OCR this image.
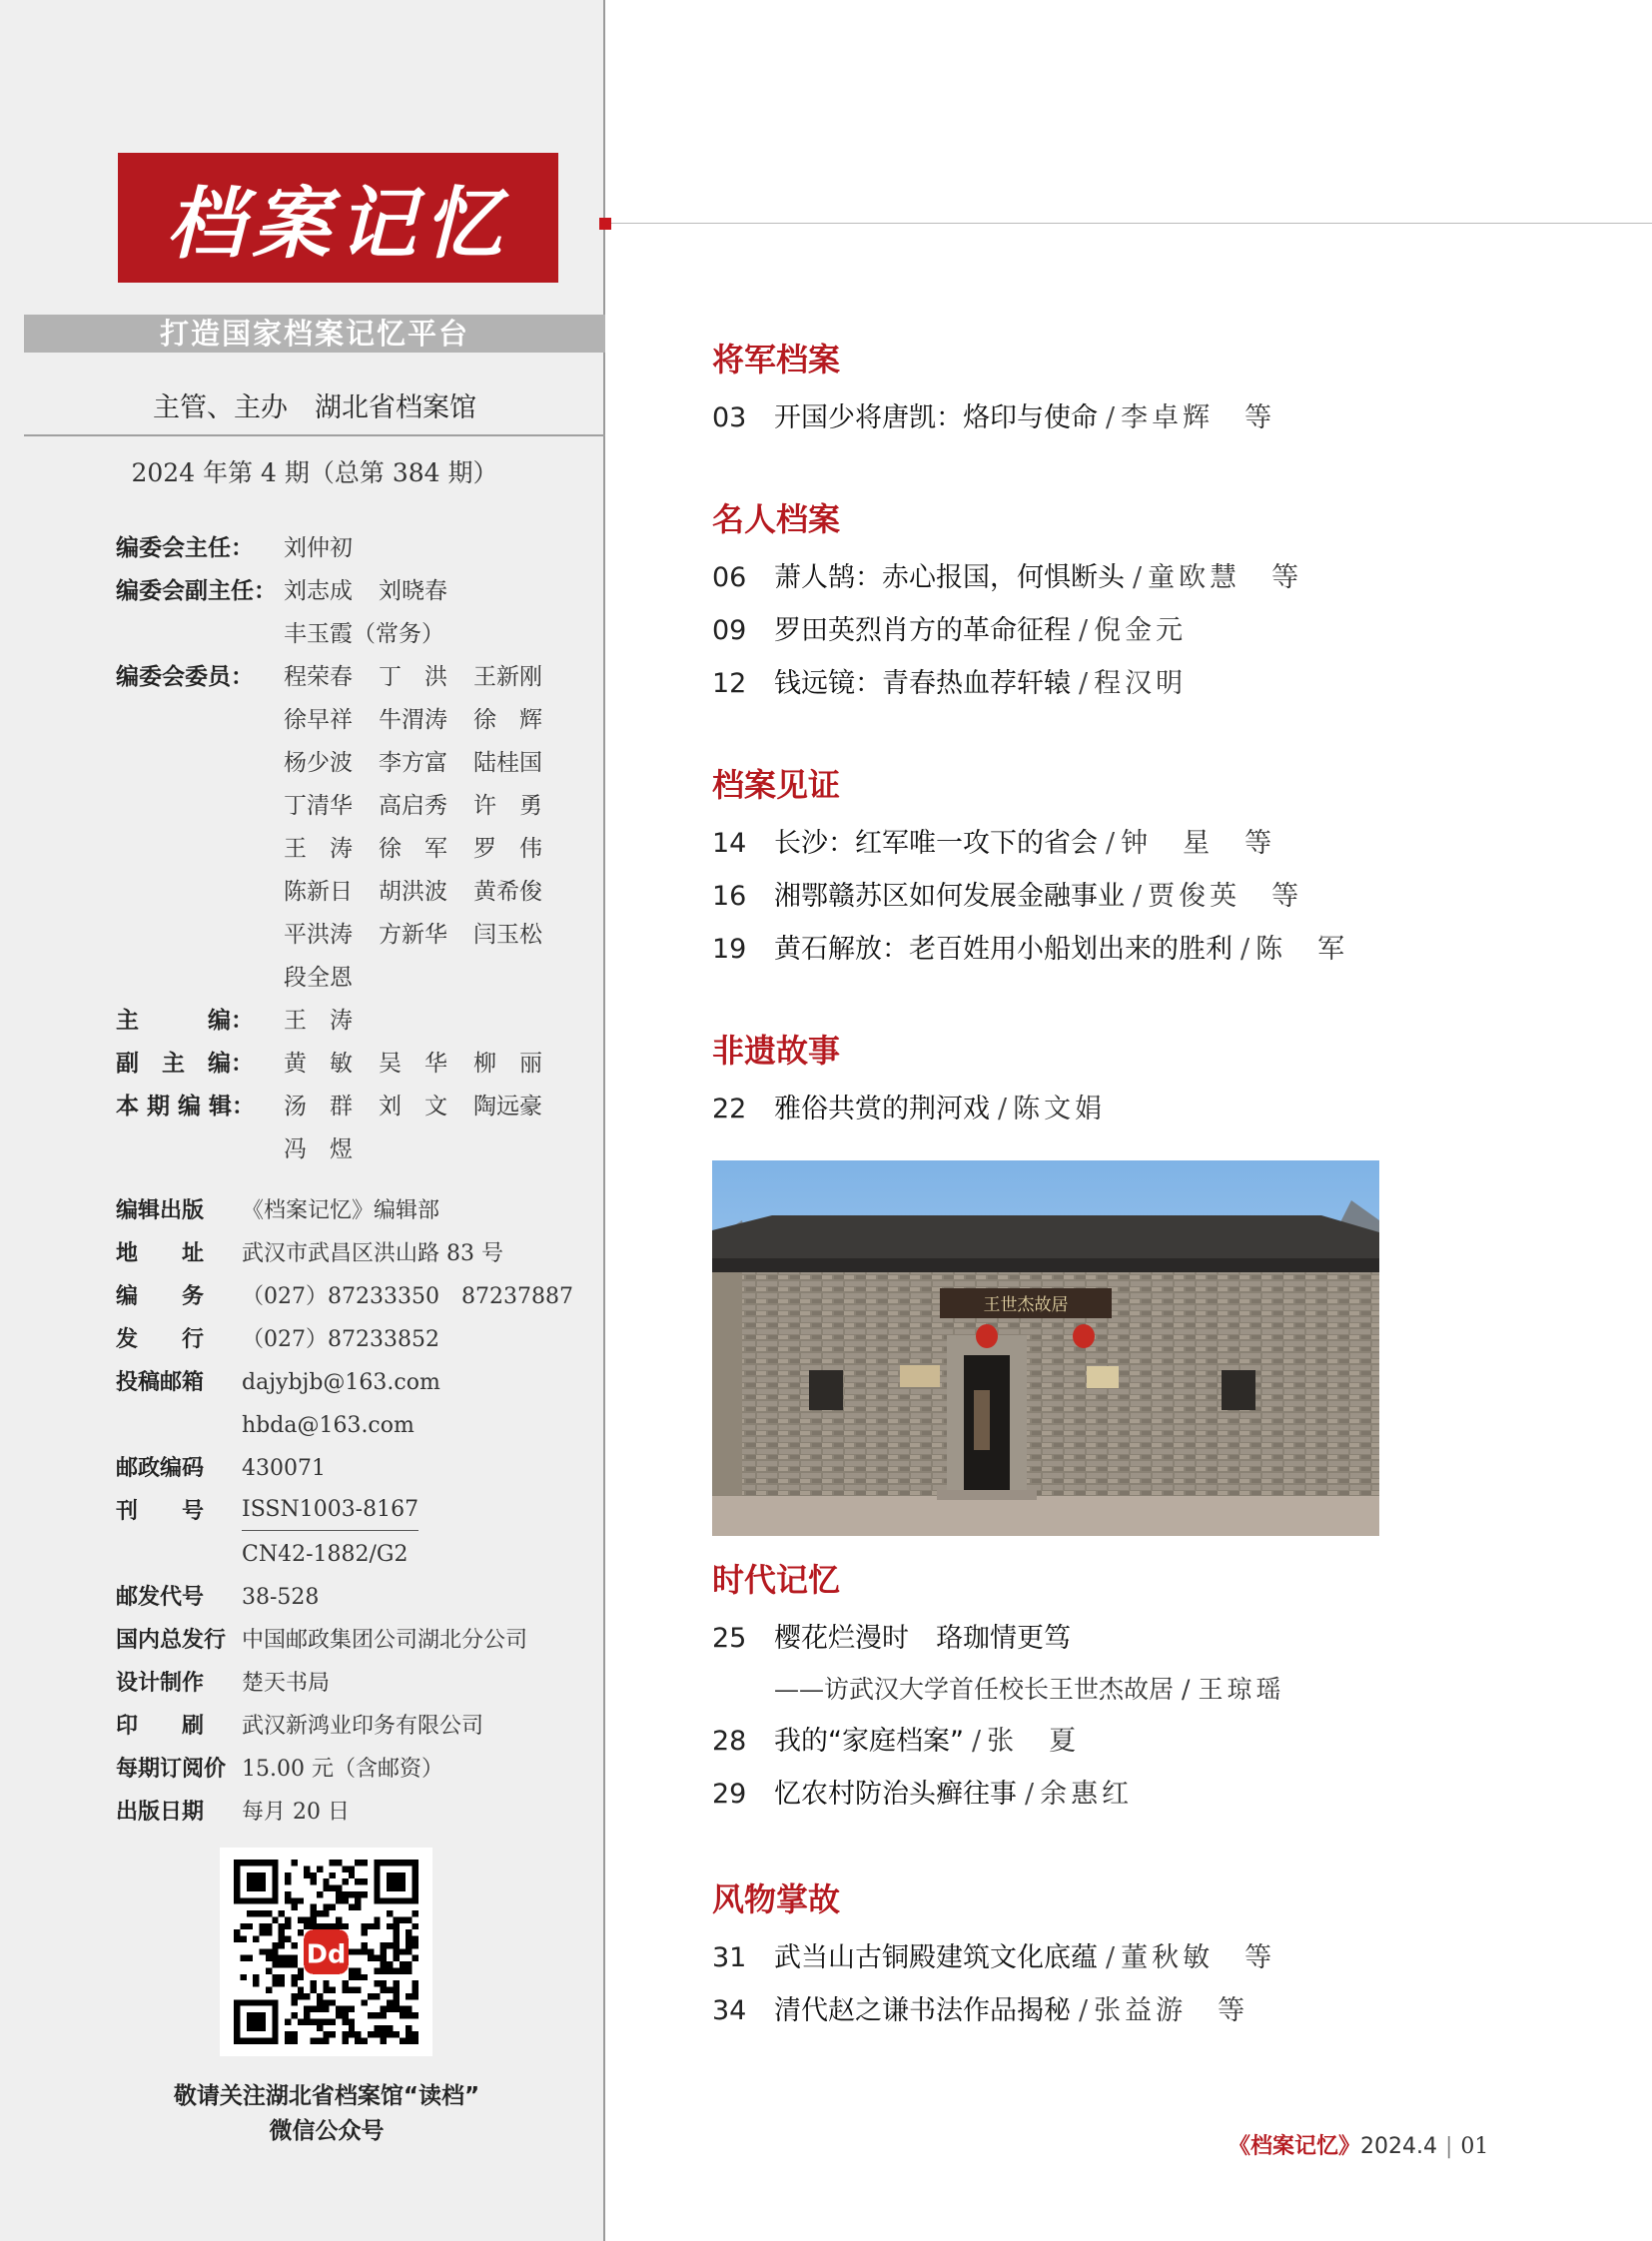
档案记忆
打造国家档案记忆平台
主管、主办　湖北省档案馆
2024 年第 4 期（总第 384 期）
编委会主任：	刘仲初
编委会副主任： 刘志成	刘晓春
丰玉霞（常务）
编委会委员：	程荣春	丁　洪	王新刚
徐早祥	牛渭涛	徐　辉
杨少波	李方富	陆桂国
丁清华	高启秀	许　勇
王　涛	徐　军	罗　伟
陈新日	胡洪波	黄希俊
平洪涛	方新华	闫玉松
段全恩
主　　　编：	王　涛
副　主　编：	黄　敏	吴　华	柳　丽
本 期 编 辑：	汤　群	刘　文	陶远豪
冯　煜
编辑出版	《档案记忆》编辑部
地　　址	武汉市武昌区洪山路 83 号
编　　务	（027）87233350　87237887
发　　行	（027）87233852
投稿邮箱	dajybjb@163.com
hbda@163.com
邮政编码	430071
刊　　号	ISSN1003-8167
CN42-1882/G2
邮发代号	38-528
国内总发行 中国邮政集团公司湖北分公司
设计制作	楚天书局
印　　刷	武汉新鸿业印务有限公司
每期订阅价 15.00 元（含邮资）
出版日期	每月 20 日
Dd
敬请关注湖北省档案馆“读档”
微信公众号
将军档案
03	开国少将唐凯：烙印与使命 / 李卓辉　等
名人档案
06	萧人鹄：赤心报国，何惧断头 / 童欧慧　等
09	罗田英烈肖方的革命征程 / 倪金元
12	钱远镜：青春热血荐轩辕 / 程汉明
档案见证
14	长沙：红军唯一攻下的省会 / 钟　星　等
16	湘鄂赣苏区如何发展金融事业 / 贾俊英　等
19	黄石解放：老百姓用小船划出来的胜利 / 陈　军
非遗故事
22	雅俗共赏的荆河戏 / 陈文娟
时代记忆
25	樱花烂漫时　珞珈情更笃
——访武汉大学首任校长王世杰故居 / 王琼瑶
28	我的“家庭档案” / 张　夏
29	忆农村防治头癣往事 / 余惠红
风物掌故
31	武当山古铜殿建筑文化底蕴 / 董秋敏　等
34	清代赵之谦书法作品揭秘 / 张益游　等
王世杰故居
《档案记忆》2024.4 | 01
